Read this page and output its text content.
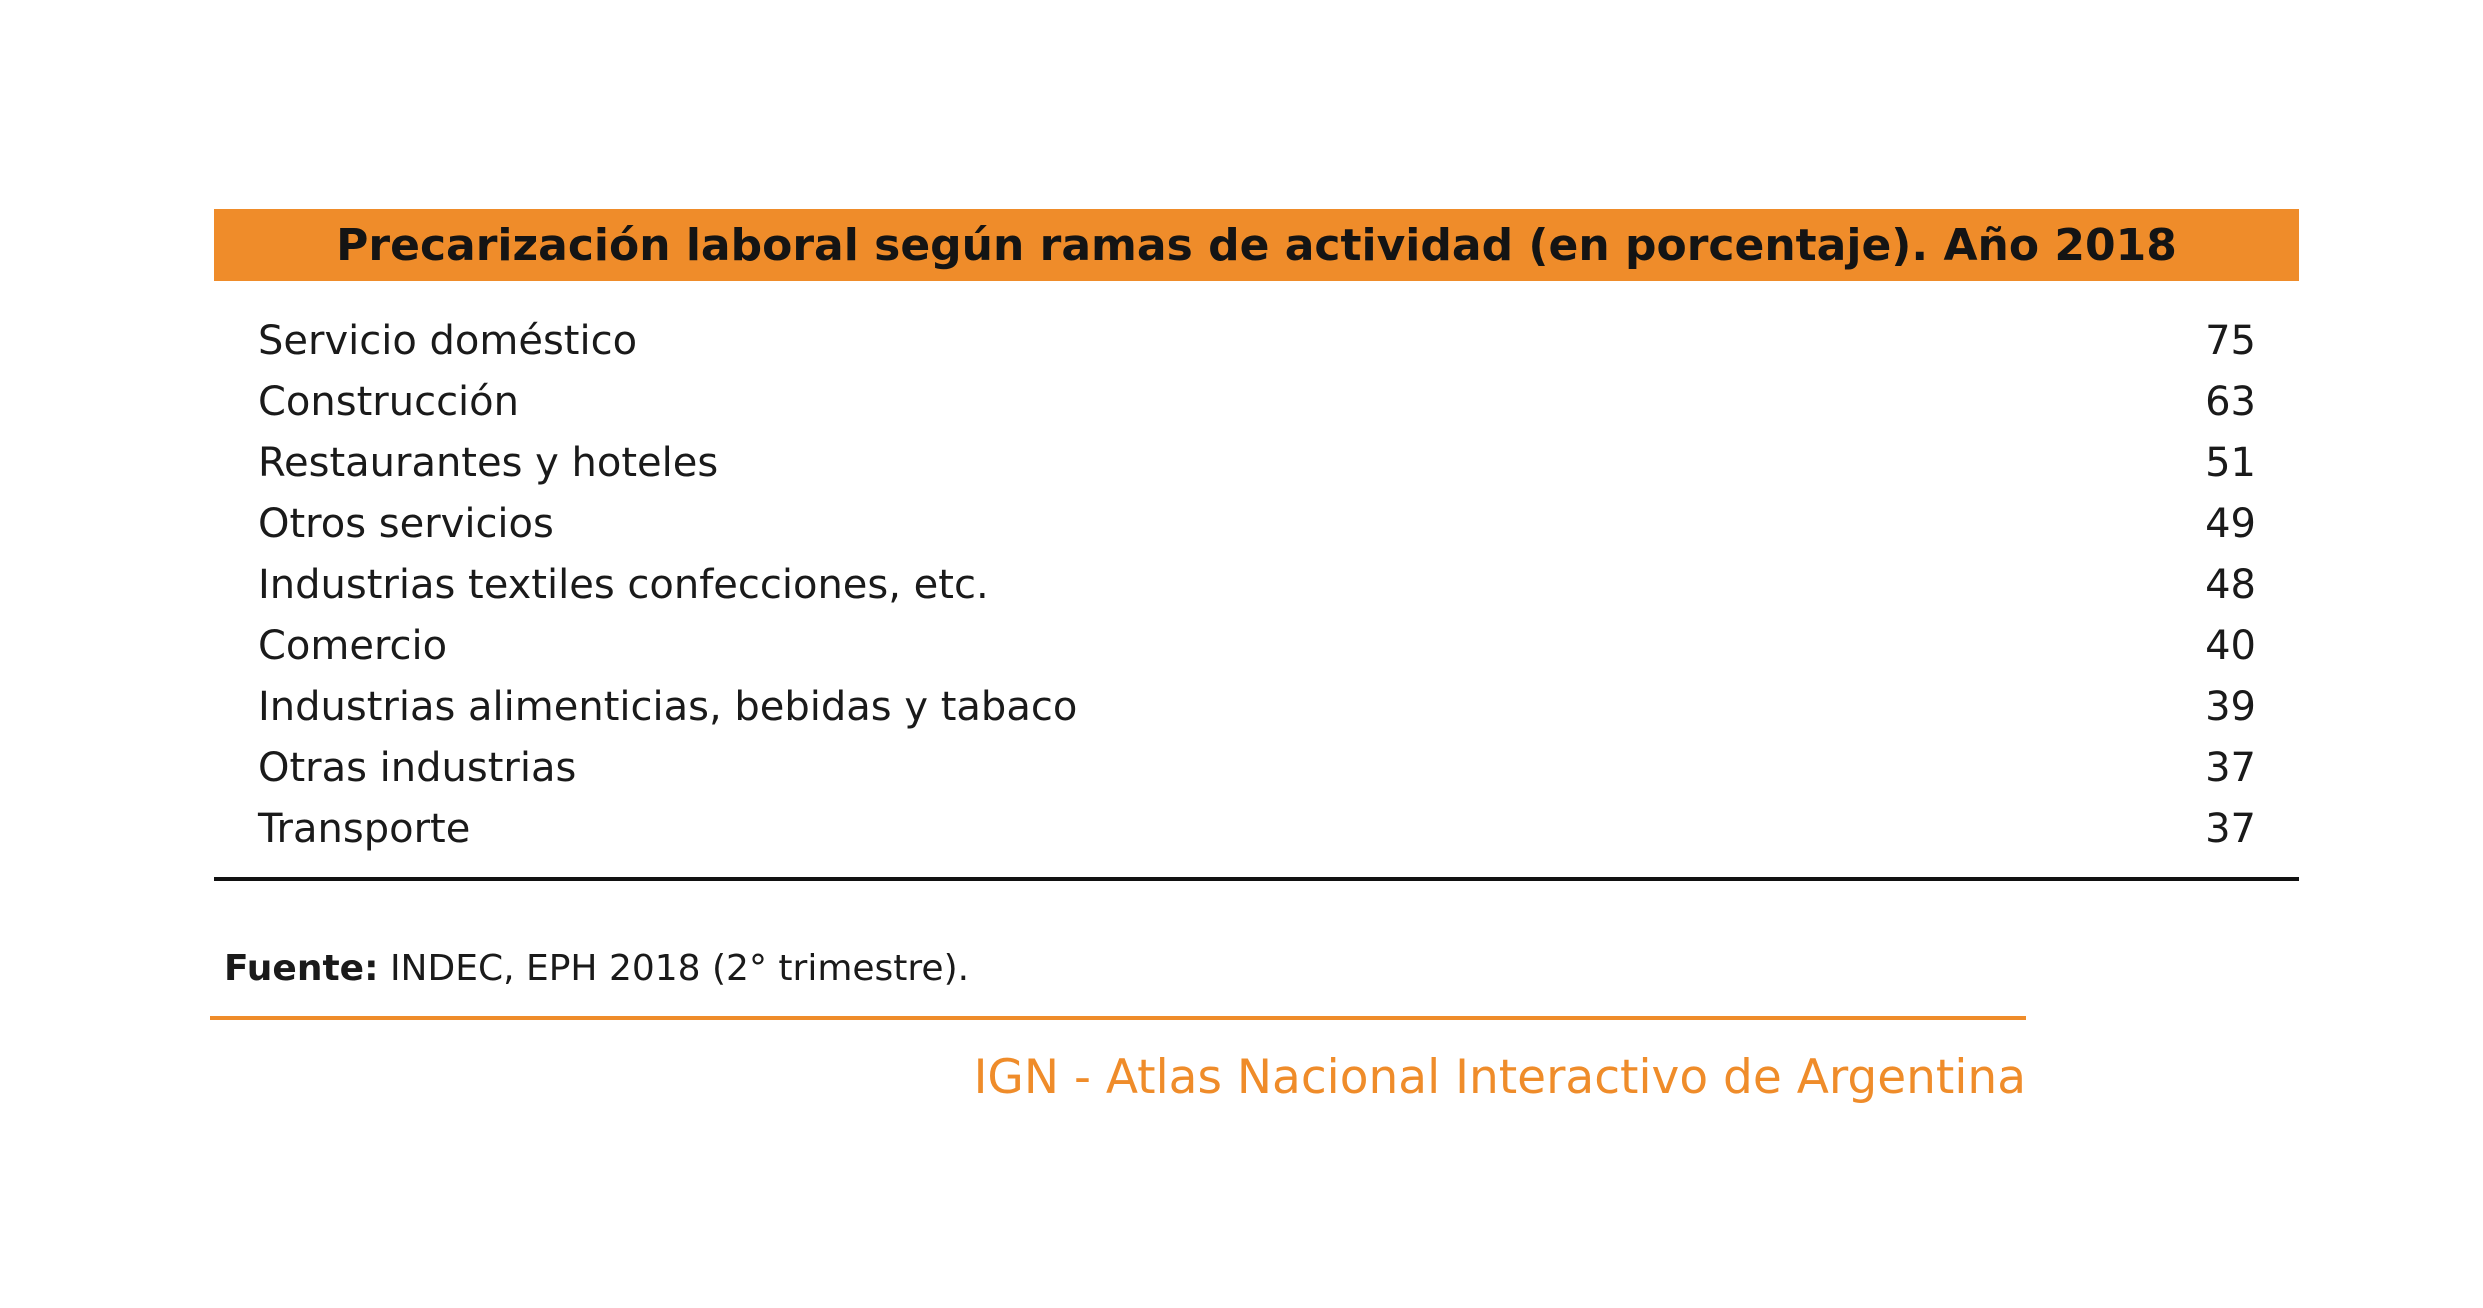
Precarización laboral según ramas de actividad (en porcentaje). Año 2018
Servicio doméstico	75
Construcción	63
Restaurantes y hoteles	51
Otros servicios	49
Industrias textiles confecciones, etc.	48
Comercio	40
Industrias alimenticias, bebidas y tabaco	39
Otras industrias	37
Transporte	37
Fuente: INDEC, EPH 2018 (2° trimestre).
IGN - Atlas Nacional Interactivo de Argentina
